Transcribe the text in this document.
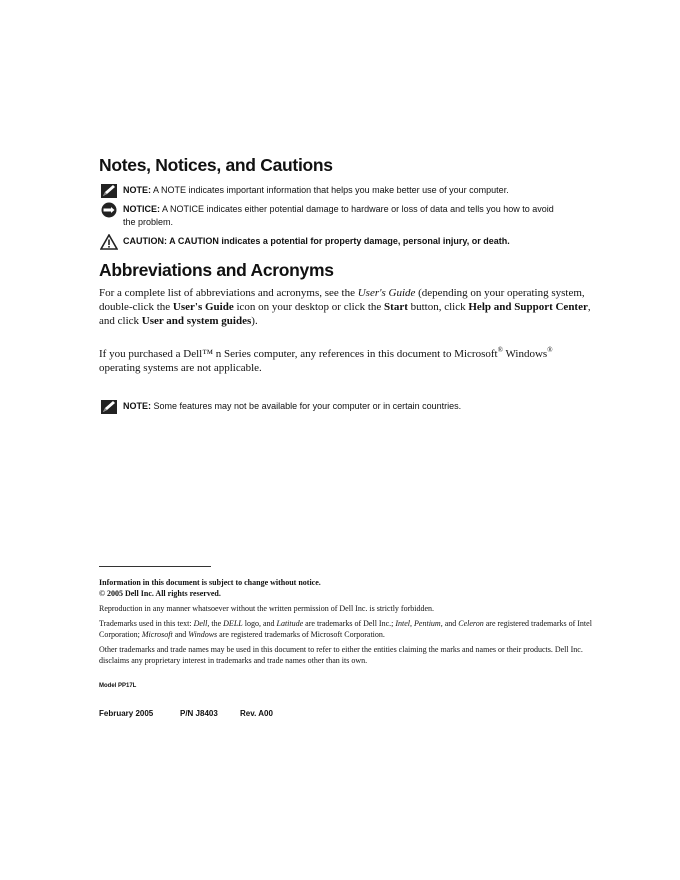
Notes, Notices, and Cautions
NOTE: A NOTE indicates important information that helps you make better use of your computer.
NOTICE: A NOTICE indicates either potential damage to hardware or loss of data and tells you how to avoid the problem.
CAUTION: A CAUTION indicates a potential for property damage, personal injury, or death.
Abbreviations and Acronyms

For a complete list of abbreviations and acronyms, see the User's Guide (depending on your operating system, double-click the User's Guide icon on your desktop or click the Start button, click Help and Support Center, and click User and system guides).

If you purchased a Dell™ n Series computer, any references in this document to Microsoft® Windows®
operating systems are not applicable.

NOTE: Some features may not be available for your computer or in certain countries.

Information in this document is subject to change without notice.
© 2005 Dell Inc. All rights reserved.

Reproduction in any manner whatsoever without the written permission of Dell Inc. is strictly forbidden.

Trademarks used in this text: Dell, the DELL logo, and Latitude are trademarks of Dell Inc.; Intel, Pentium, and Celeron are registered trademarks of Intel Corporation; Microsoft and Windows are registered trademarks of Microsoft Corporation.

Other trademarks and trade names may be used in this document to refer to either the entities claiming the marks and names or their products. Dell Inc. disclaims any proprietary interest in trademarks and trade names other than its own.

Model PP17L
February 2005	P/N J8403	Rev. A00
